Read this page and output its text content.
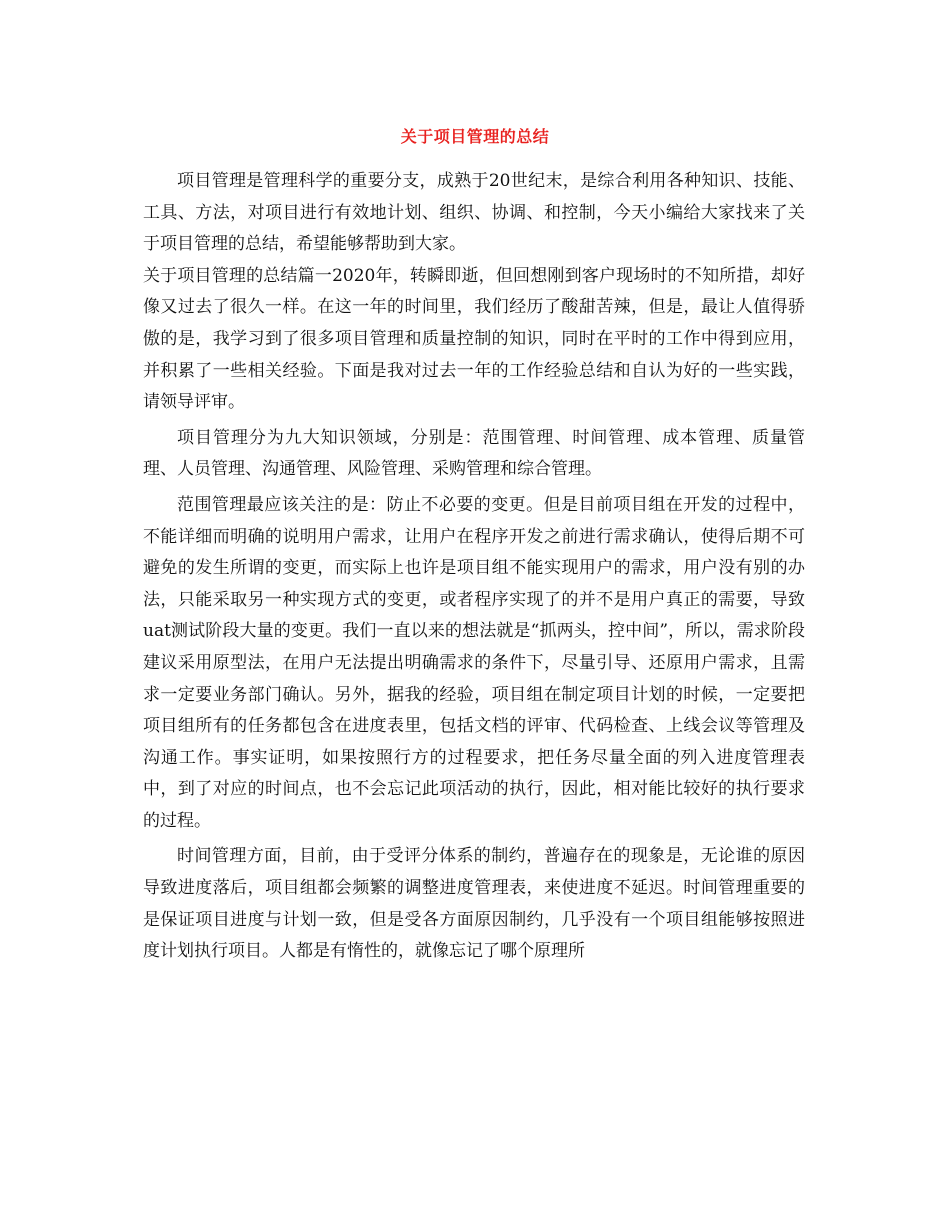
关于项目管理的总结

项目管理是管理科学的重要分支，成熟于20世纪末，是综合利用各种知识、技能、工具、方法，对项目进行有效地计划、组织、协调、和控制，今天小编给大家找来了关于项目管理的总结，希望能够帮助到大家。

关于项目管理的总结篇一2020年，转瞬即逝，但回想刚到客户现场时的不知所措，却好像又过去了很久一样。在这一年的时间里，我们经历了酸甜苦辣，但是，最让人值得骄傲的是，我学习到了很多项目管理和质量控制的知识，同时在平时的工作中得到应用，并积累了一些相关经验。下面是我对过去一年的工作经验总结和自认为好的一些实践，请领导评审。

项目管理分为九大知识领域，分别是：范围管理、时间管理、成本管理、质量管理、人员管理、沟通管理、风险管理、采购管理和综合管理。

范围管理最应该关注的是：防止不必要的变更。但是目前项目组在开发的过程中，不能详细而明确的说明用户需求，让用户在程序开发之前进行需求确认，使得后期不可避免的发生所谓的变更，而实际上也许是项目组不能实现用户的需求，用户没有别的办法，只能采取另一种实现方式的变更，或者程序实现了的并不是用户真正的需要，导致uat测试阶段大量的变更。我们一直以来的想法就是“抓两头，控中间”，所以，需求阶段建议采用原型法，在用户无法提出明确需求的条件下，尽量引导、还原用户需求，且需求一定要业务部门确认。另外，据我的经验，项目组在制定项目计划的时候，一定要把项目组所有的任务都包含在进度表里，包括文档的评审、代码检查、上线会议等管理及沟通工作。事实证明，如果按照行方的过程要求，把任务尽量全面的列入进度管理表中，到了对应的时间点，也不会忘记此项活动的执行，因此，相对能比较好的执行要求的过程。

时间管理方面，目前，由于受评分体系的制约，普遍存在的现象是，无论谁的原因导致进度落后，项目组都会频繁的调整进度管理表，来使进度不延迟。时间管理重要的是保证项目进度与计划一致，但是受各方面原因制约，几乎没有一个项目组能够按照进度计划执行项目。人都是有惰性的，就像忘记了哪个原理所
